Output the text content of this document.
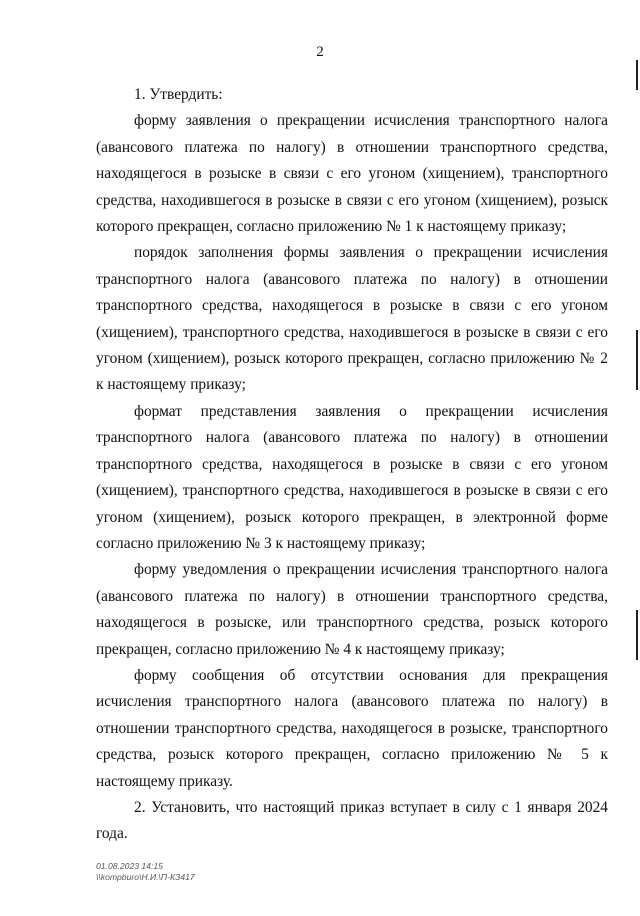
2

1. Утвердить:

форму заявления о прекращении исчисления транспортного налога (авансового платежа по налогу) в отношении транспортного средства, находящегося в розыске в связи с его угоном (хищением), транспортного средства, находившегося в розыске в связи с его угоном (хищением), розыск которого прекращен, согласно приложению № 1 к настоящему приказу;

порядок заполнения формы заявления о прекращении исчисления транспортного налога (авансового платежа по налогу) в отношении транспортного средства, находящегося в розыске в связи с его угоном (хищением), транспортного средства, находившегося в розыске в связи с его угоном (хищением), розыск которого прекращен, согласно приложению № 2 к настоящему приказу;

формат представления заявления о прекращении исчисления транспортного налога (авансового платежа по налогу) в отношении транспортного средства, находящегося в розыске в связи с его угоном (хищением), транспортного средства, находившегося в розыске в связи с его угоном (хищением), розыск которого прекращен, в электронной форме согласно приложению № 3 к настоящему приказу;

форму уведомления о прекращении исчисления транспортного налога (авансового платежа по налогу) в отношении транспортного средства, находящегося в розыске, или транспортного средства, розыск которого прекращен, согласно приложению № 4 к настоящему приказу;

форму сообщения об отсутствии основания для прекращения исчисления транспортного налога (авансового платежа по налогу) в отношении транспортного средства, находящегося в розыске, транспортного средства, розыск которого прекращен, согласно приложению № 5 к настоящему приказу.

2. Установить, что настоящий приказ вступает в силу с 1 января 2024 года.

01.08.2023 14:15
\\kompburo\Н.И.\П-КЗ417
